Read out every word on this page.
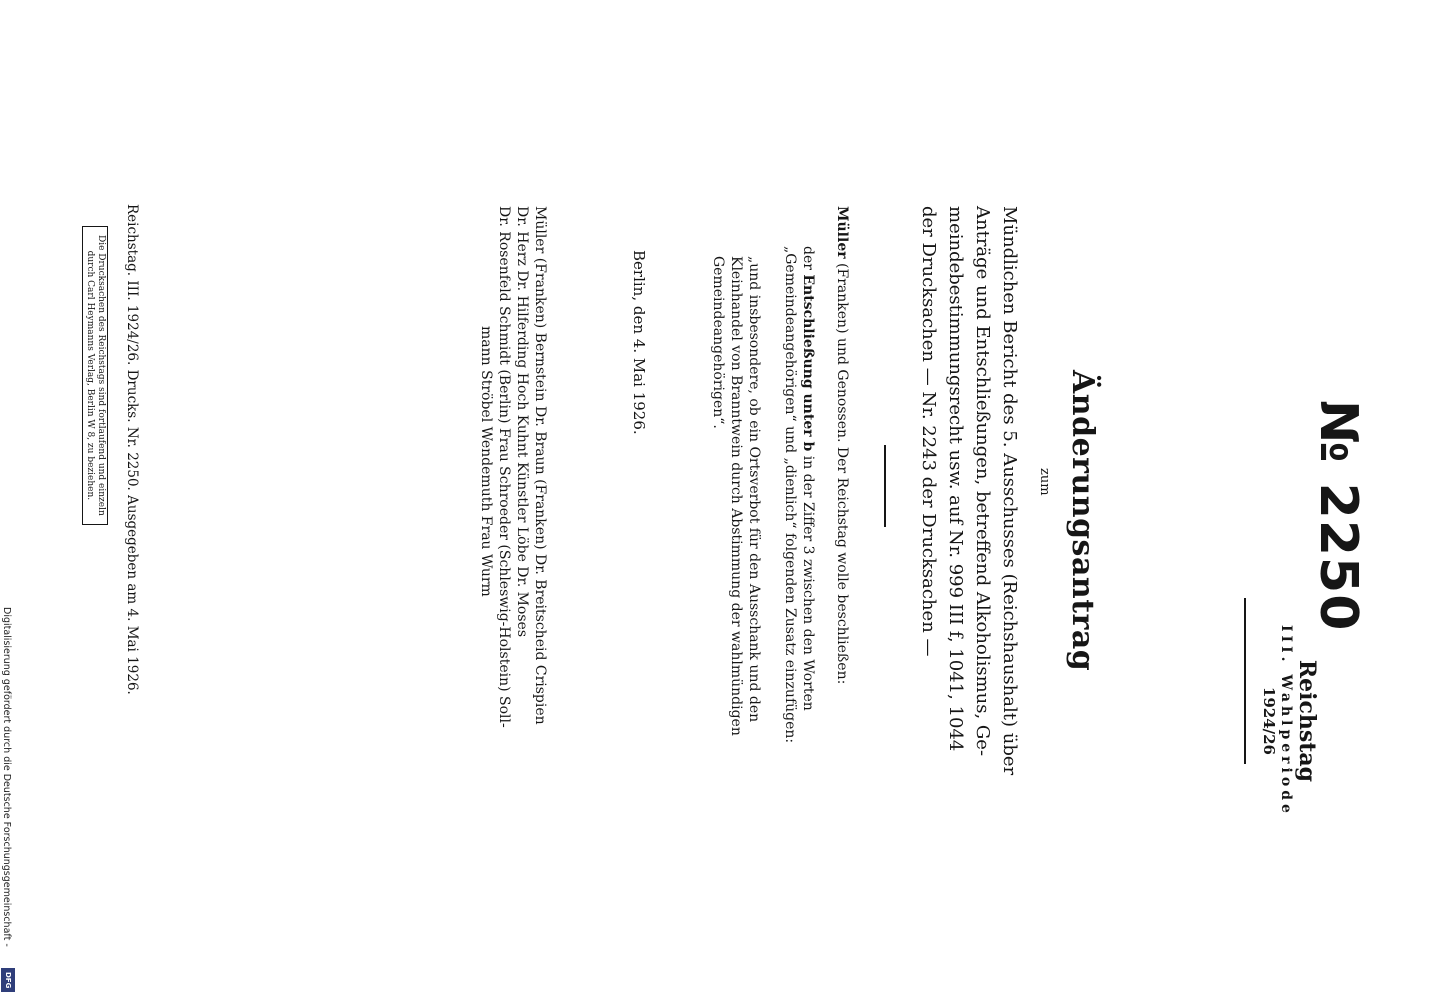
№ 2250
Reichstag
III. Wahlperiode
1924/26
Änderungsantrag
zum
Mündlichen Bericht des 5. Ausschusses (Reichshaushalt) über
Anträge und Entschließungen, betreffend Alkoholismus, Ge-
meindebestimmungsrecht usw. auf Nr. 999 III f, 1041, 1044
der Drucksachen — Nr. 2243 der Drucksachen —
Müller (Franken) und Genossen. Der Reichstag wolle beschließen:
der Entschließung unter b in der Ziffer 3 zwischen den Worten
„Gemeindeangehörigen“ und „dienlich“ folgenden Zusatz einzufügen:
„und insbesondere, ob ein Ortsverbot für den Ausschank und den
Kleinhandel von Branntwein durch Abstimmung der wahlmündigen
Gemeindeangehörigen“.
Berlin, den 4. Mai 1926.
Müller (Franken) Bernstein Dr. Braun (Franken) Dr. Breitscheid Crispien
Dr. Herz Dr. Hilferding Hoch Kuhnt Künstler Löbe Dr. Moses
Dr. Rosenfeld Schmidt (Berlin) Frau Schroeder (Schleswig-Holstein) Soll-
mann Ströbel Wendemuth Frau Wurm
Reichstag. III. 1924/26. Drucks. Nr. 2250. Ausgegeben am 4. Mai 1926.
Die Drucksachen des Reichstags sind fortlaufend und einzeln
durch Carl Heymanns Verlag, Berlin W 8, zu beziehen.
Digitalisierung gefördert durch die Deutsche Forschungsgemeinschaft -
DFG
